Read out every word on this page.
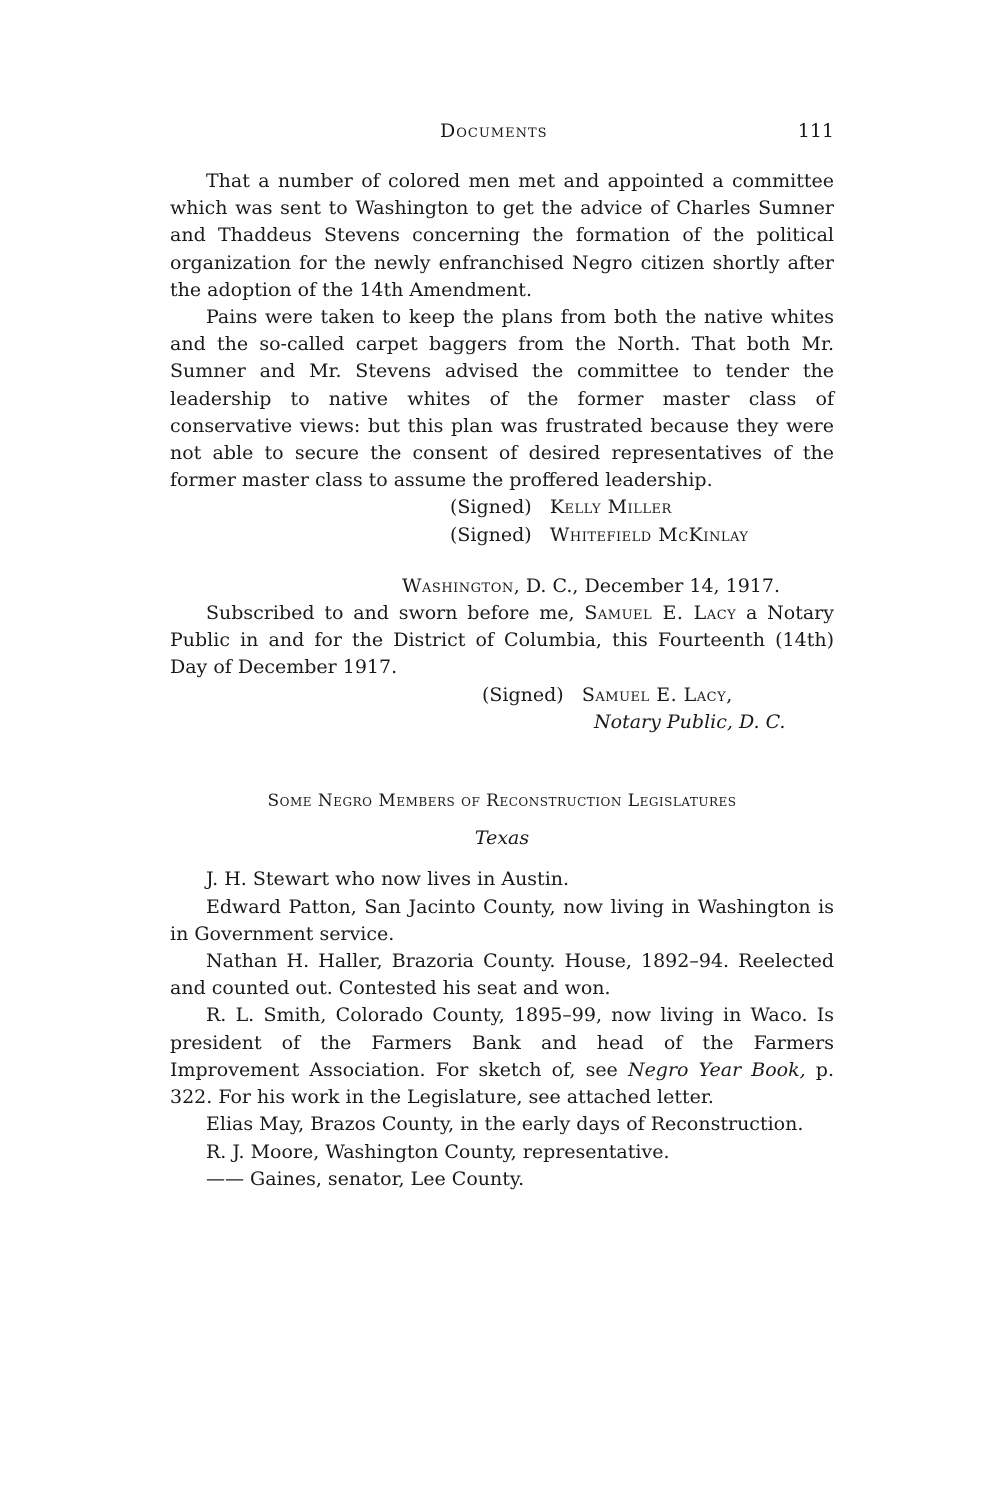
Documents	111

That a number of colored men met and appointed a committee which was sent to Washington to get the advice of Charles Sumner and Thaddeus Stevens concerning the formation of the political organization for the newly enfranchised Negro citizen shortly after the adoption of the 14th Amendment.

Pains were taken to keep the plans from both the native whites and the so-called carpet baggers from the North. That both Mr. Sumner and Mr. Stevens advised the committee to tender the leadership to native whites of the former master class of conservative views: but this plan was frustrated because they were not able to secure the consent of desired representatives of the former master class to assume the proffered leadership.

(Signed) Kelly Miller
(Signed) Whitefield McKinlay
Washington, D. C., December 14, 1917.

Subscribed to and sworn before me, Samuel E. Lacy a Notary Public in and for the District of Columbia, this Fourteenth (14th) Day of December 1917.

(Signed) Samuel E. Lacy,
Notary Public, D. C.
Some Negro Members of Reconstruction Legislatures
Texas

J. H. Stewart who now lives in Austin.

Edward Patton, San Jacinto County, now living in Washington is in Government service.

Nathan H. Haller, Brazoria County. House, 1892–94. Reelected and counted out. Contested his seat and won.

R. L. Smith, Colorado County, 1895–99, now living in Waco. Is president of the Farmers Bank and head of the Farmers Improvement Association. For sketch of, see Negro Year Book, p. 322. For his work in the Legislature, see attached letter.

Elias May, Brazos County, in the early days of Reconstruction.

R. J. Moore, Washington County, representative.

—— Gaines, senator, Lee County.
